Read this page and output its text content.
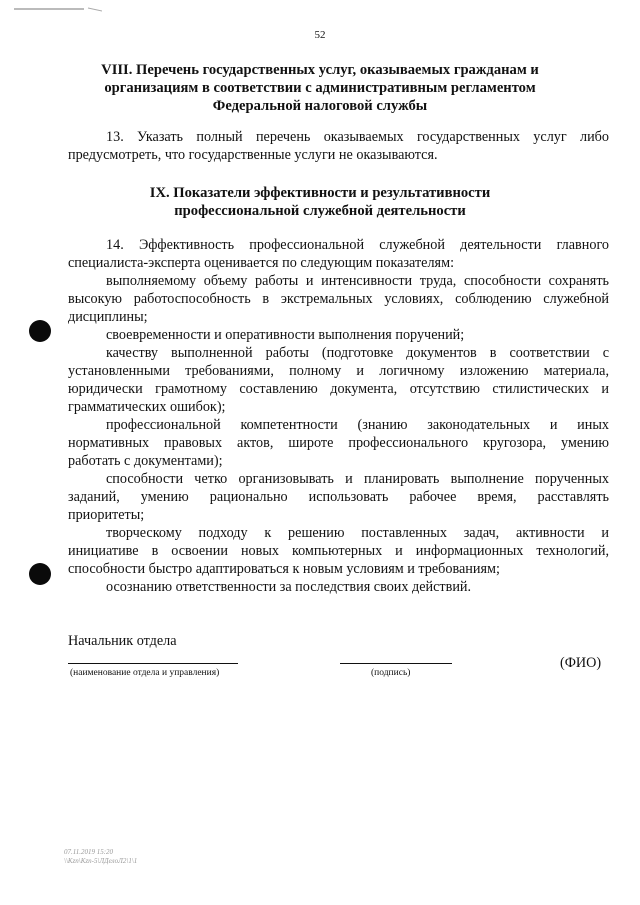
52
VIII. Перечень государственных услуг, оказываемых гражданам и
организациям в соответствии с административным регламентом
Федеральной налоговой службы
13. Указать полный перечень оказываемых государственных услуг либо
предусмотреть, что государственные услуги не оказываются.
IX. Показатели эффективности и результативности
профессиональной служебной деятельности
14. Эффективность профессиональной служебной деятельности главного
специалиста-эксперта оценивается по следующим показателям:
выполняемому объему работы и интенсивности труда, способности сохранять
высокую работоспособность в экстремальных условиях, соблюдению служебной
дисциплины;
своевременности и оперативности выполнения поручений;
качеству выполненной работы (подготовке документов в соответствии с
установленными требованиями, полному и логичному изложению материала,
юридически грамотному составлению документа, отсутствию стилистических и
грамматических ошибок);
профессиональной компетентности (знанию законодательных и иных
нормативных правовых актов, широте профессионального кругозора, умению
работать с документами);
способности четко организовывать и планировать выполнение порученных
заданий, умению рационально использовать рабочее время, расставлять
приоритеты;
творческому подходу к решению поставленных задач, активности и
инициативе в освоении новых компьютерных и информационных технологий,
способности быстро адаптироваться к новым условиям и требованиям;
осознанию ответственности за последствия своих действий.
Начальник отдела
(наименование отдела и управления)	(подпись)
(ФИО)
07.11.2019 15:20
\\Kzn\Kzn-5\ЛДелоЛ2\1\1
